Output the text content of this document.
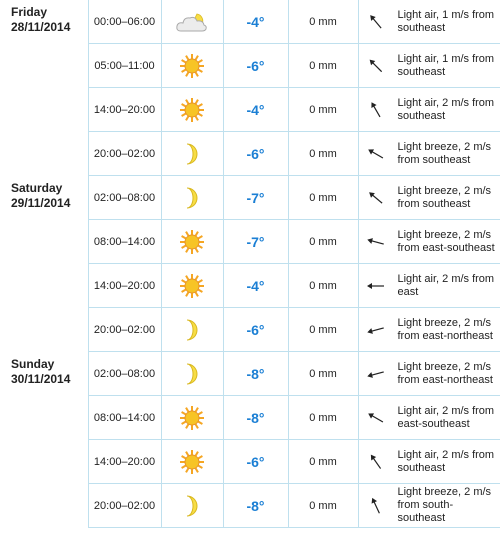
Friday
28/11/2014	00:00–06:00		-4°	0 mm		Light air, 1 m/s from southeast
	05:00–11:00		-6°	0 mm		Light air, 1 m/s from southeast
	14:00–20:00		-4°	0 mm		Light air, 2 m/s from southeast
	20:00–02:00		-6°	0 mm		Light breeze, 2 m/s from southeast

Saturday
29/11/2014	02:00–08:00		-7°	0 mm		Light breeze, 2 m/s from southeast
	08:00–14:00		-7°	0 mm		Light breeze, 2 m/s from east-southeast
	14:00–20:00		-4°	0 mm		Light air, 2 m/s from east
	20:00–02:00		-6°	0 mm		Light breeze, 2 m/s from east-northeast

Sunday
30/11/2014	02:00–08:00		-8°	0 mm		Light breeze, 2 m/s from east-northeast
	08:00–14:00		-8°	0 mm		Light air, 2 m/s from east-southeast
	14:00–20:00		-6°	0 mm		Light air, 2 m/s from southeast
	20:00–02:00		-8°	0 mm		Light breeze, 2 m/s from south-southeast
